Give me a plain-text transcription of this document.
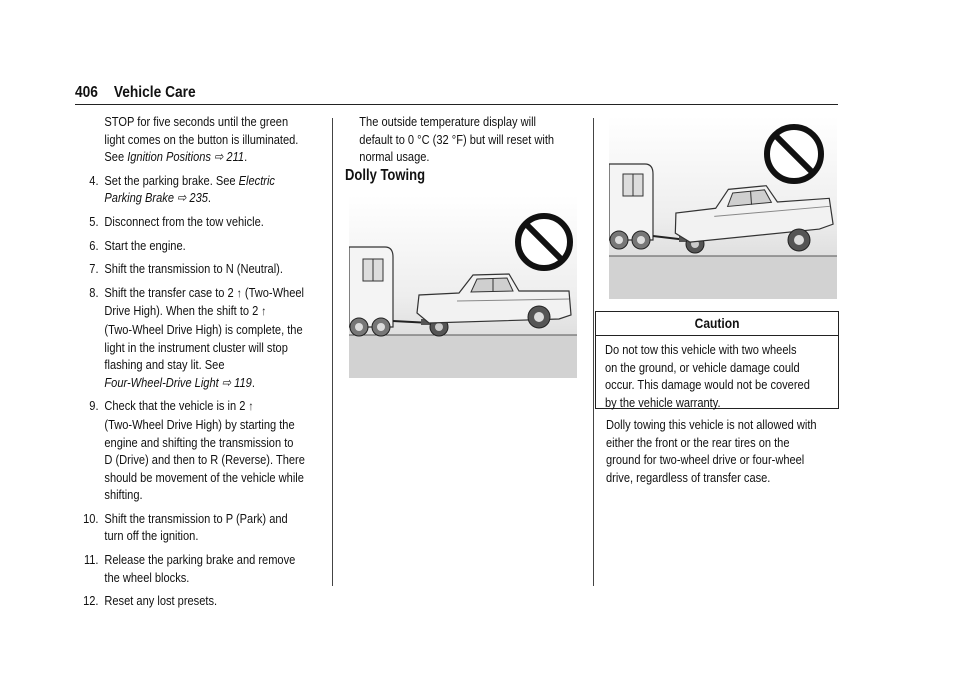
406 Vehicle Care

STOP for five seconds until the green

light comes on the button is illuminated.

See Ignition Positions ⇨ 211.

4. Set the parking brake. See Electric

Parking Brake ⇨ 235.

5. Disconnect from the tow vehicle.

6. Start the engine.

7. Shift the transmission to N (Neutral).

8. Shift the transfer case to 2 ↑ (Two-Wheel

Drive High). When the shift to 2 ↑

(Two-Wheel Drive High) is complete, the

light in the instrument cluster will stop

flashing and stay lit. See

Four-Wheel-Drive Light ⇨ 119.

9. Check that the vehicle is in 2 ↑

(Two-Wheel Drive High) by starting the

engine and shifting the transmission to

D (Drive) and then to R (Reverse). There

should be movement of the vehicle while

shifting.

10. Shift the transmission to P (Park) and

turn off the ignition.

11. Release the parking brake and remove

the wheel blocks.

12. Reset any lost presets.

The outside temperature display will

default to 0 °C (32 °F) but will reset with

normal usage.

Dolly Towing
Caution

Do not tow this vehicle with two wheels

on the ground, or vehicle damage could

occur. This damage would not be covered

by the vehicle warranty.

Dolly towing this vehicle is not allowed with

either the front or the rear tires on the

ground for two-wheel drive or four-wheel

drive, regardless of transfer case.
